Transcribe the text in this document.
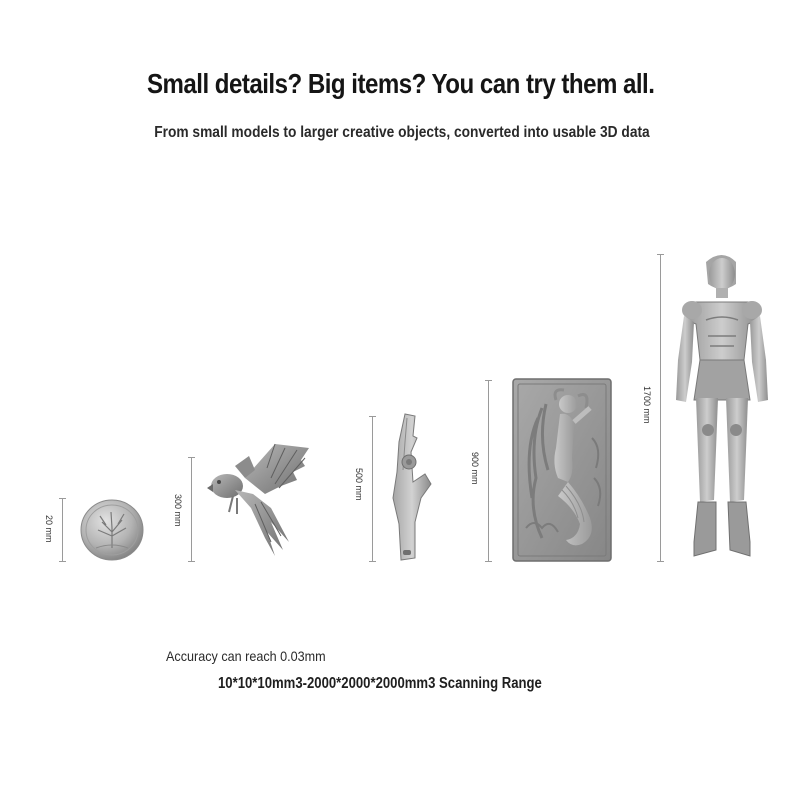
Small details? Big items? You can try them all.
From small models to larger creative objects, converted into usable 3D data
20 mm
300 mm
500 mm	900 mm
1700 mm
Accuracy can reach 0.03mm
10*10*10mm3-2000*2000*2000mm3 Scanning Range
